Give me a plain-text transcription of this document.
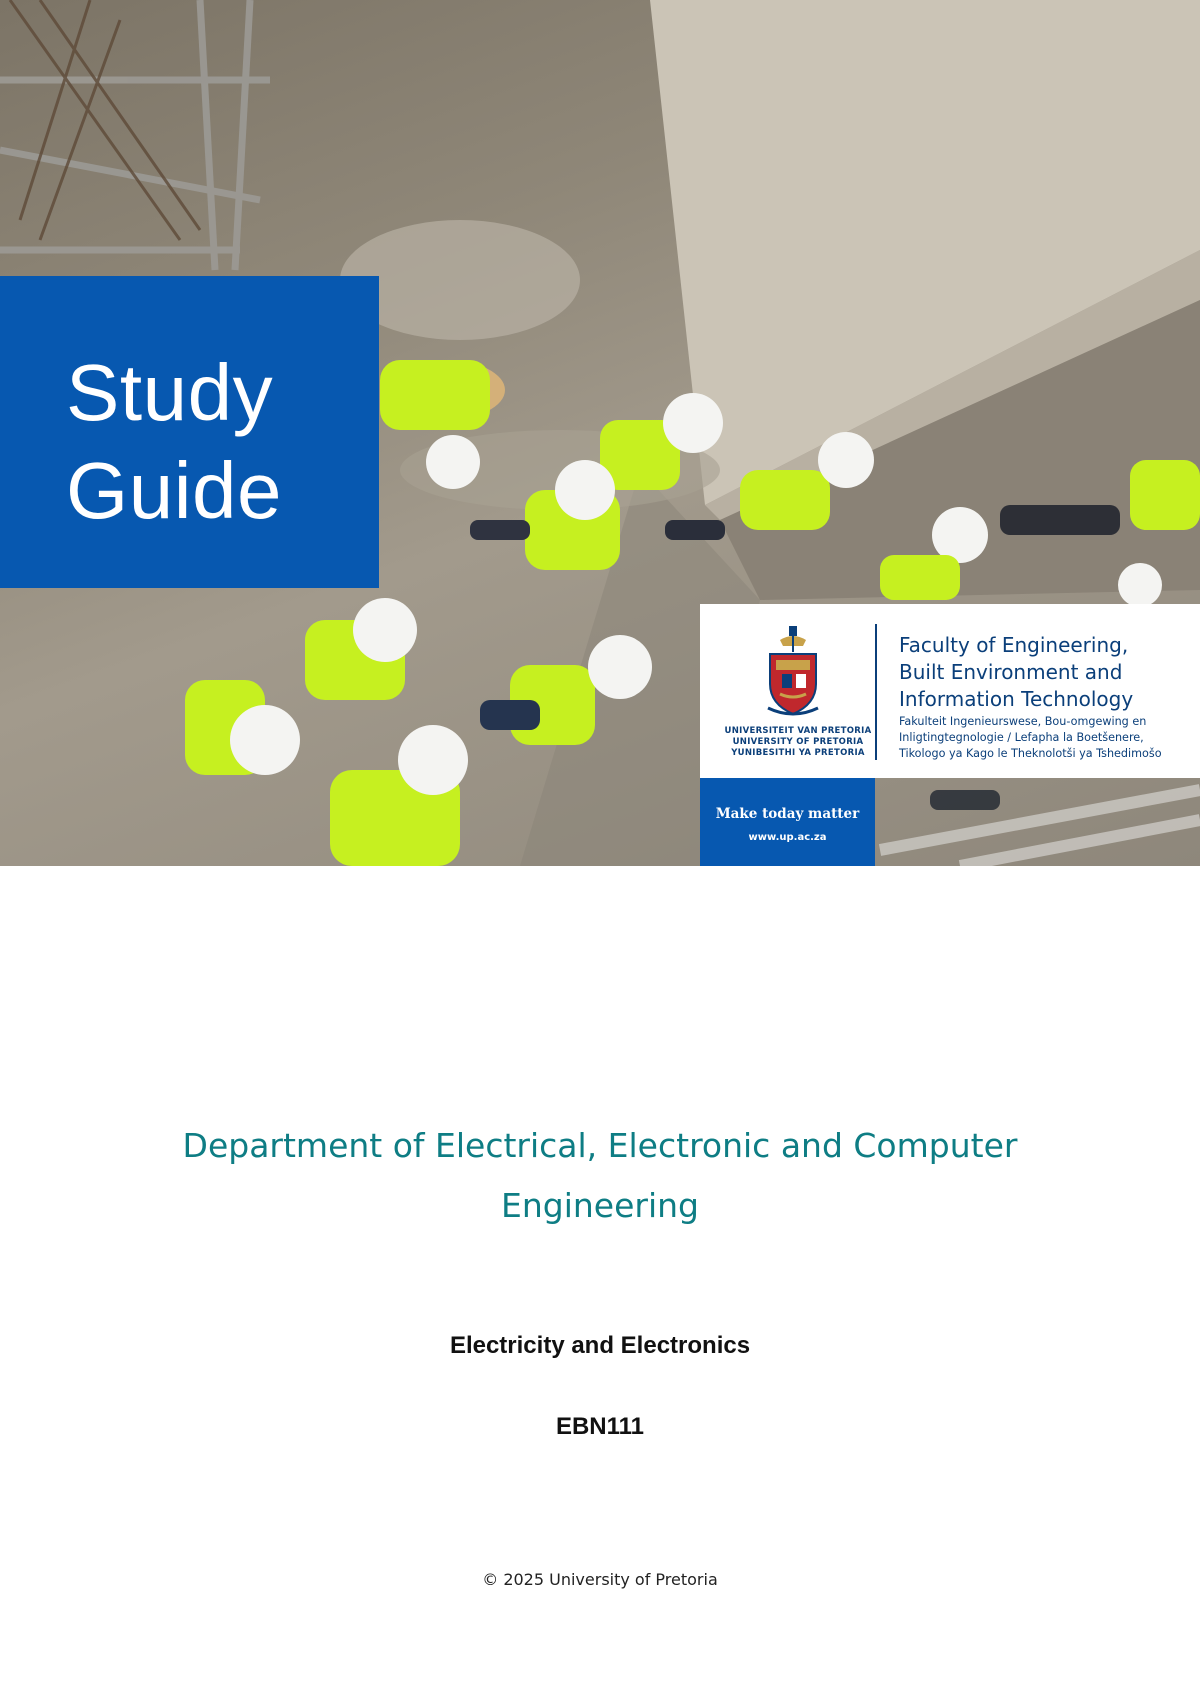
Study
Guide
UNIVERSITEIT VAN PRETORIA
UNIVERSITY OF PRETORIA
YUNIBESITHI YA PRETORIA
Faculty of Engineering,
Built Environment and
Information Technology
Fakulteit Ingenieurswese, Bou-omgewing en
Inligtingtegnologie / Lefapha la Boetšenere,
Tikologo ya Kago le Theknolotši ya Tshedimošo
Make today matter
www.up.ac.za
Department of Electrical, Electronic and Computer
Engineering
Electricity and Electronics
EBN111
© 2025 University of Pretoria
